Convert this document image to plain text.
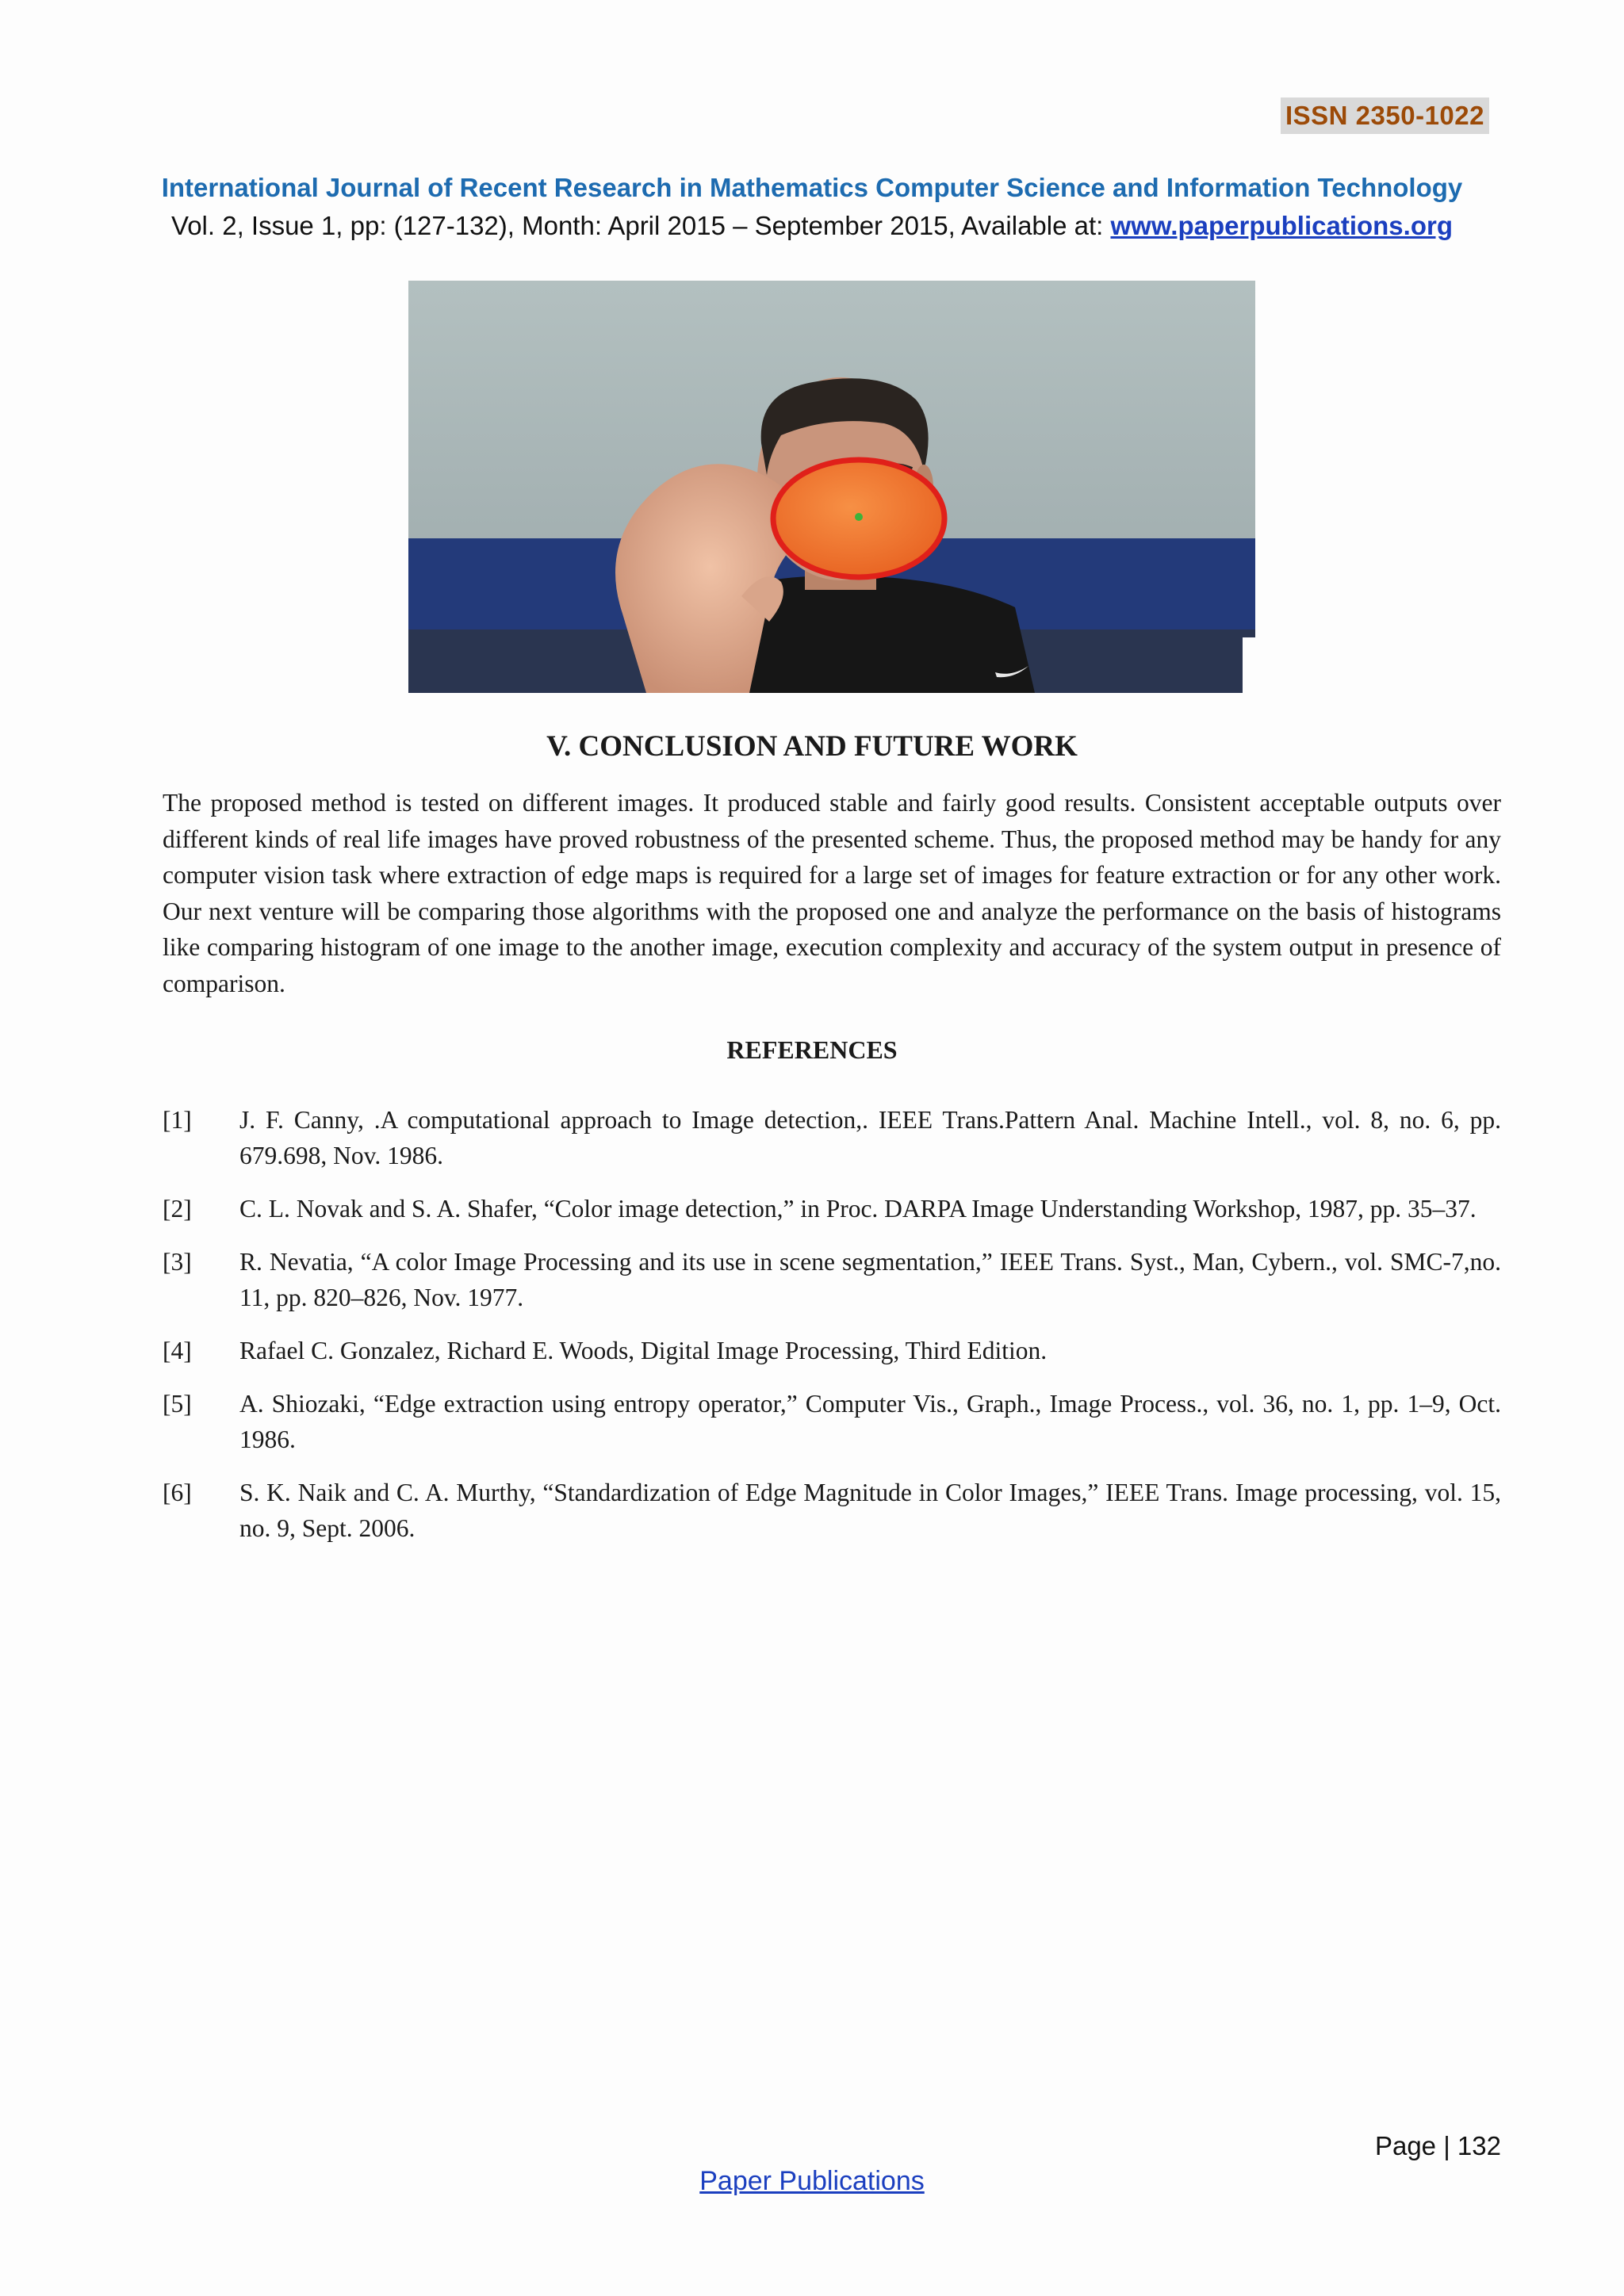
ISSN 2350-1022
International Journal of Recent Research in Mathematics Computer Science and Information Technology
Vol. 2, Issue 1, pp: (127-132), Month: April 2015 – September 2015, Available at: www.paperpublications.org
V. CONCLUSION AND FUTURE WORK
The proposed method is tested on different images. It produced stable and fairly good results. Consistent acceptable outputs over different kinds of real life images have proved robustness of the presented scheme. Thus, the proposed method may be handy for any computer vision task where extraction of edge maps is required for a large set of images for feature extraction or for any other work. Our next venture will be comparing those algorithms with the proposed one and analyze the performance on the basis of histograms like comparing histogram of one image to the another image, execution complexity and accuracy of the system output in presence of comparison.
REFERENCES
[1] J. F. Canny, .A computational approach to Image detection,. IEEE Trans.Pattern Anal. Machine Intell., vol. 8, no. 6, pp. 679.698, Nov. 1986.
[2] C. L. Novak and S. A. Shafer, “Color image detection,” in Proc. DARPA Image Understanding Workshop, 1987, pp. 35–37.
[3] R. Nevatia, “A color Image Processing and its use in scene segmentation,” IEEE Trans. Syst., Man, Cybern., vol. SMC-7,no. 11, pp. 820–826, Nov. 1977.
[4] Rafael C. Gonzalez, Richard E. Woods, Digital Image Processing, Third Edition.
[5] A. Shiozaki, “Edge extraction using entropy operator,” Computer Vis., Graph., Image Process., vol. 36, no. 1, pp. 1–9, Oct. 1986.
[6] S. K. Naik and C. A. Murthy, “Standardization of Edge Magnitude in Color Images,” IEEE Trans. Image processing, vol. 15, no. 9, Sept. 2006.
Page | 132
Paper Publications
